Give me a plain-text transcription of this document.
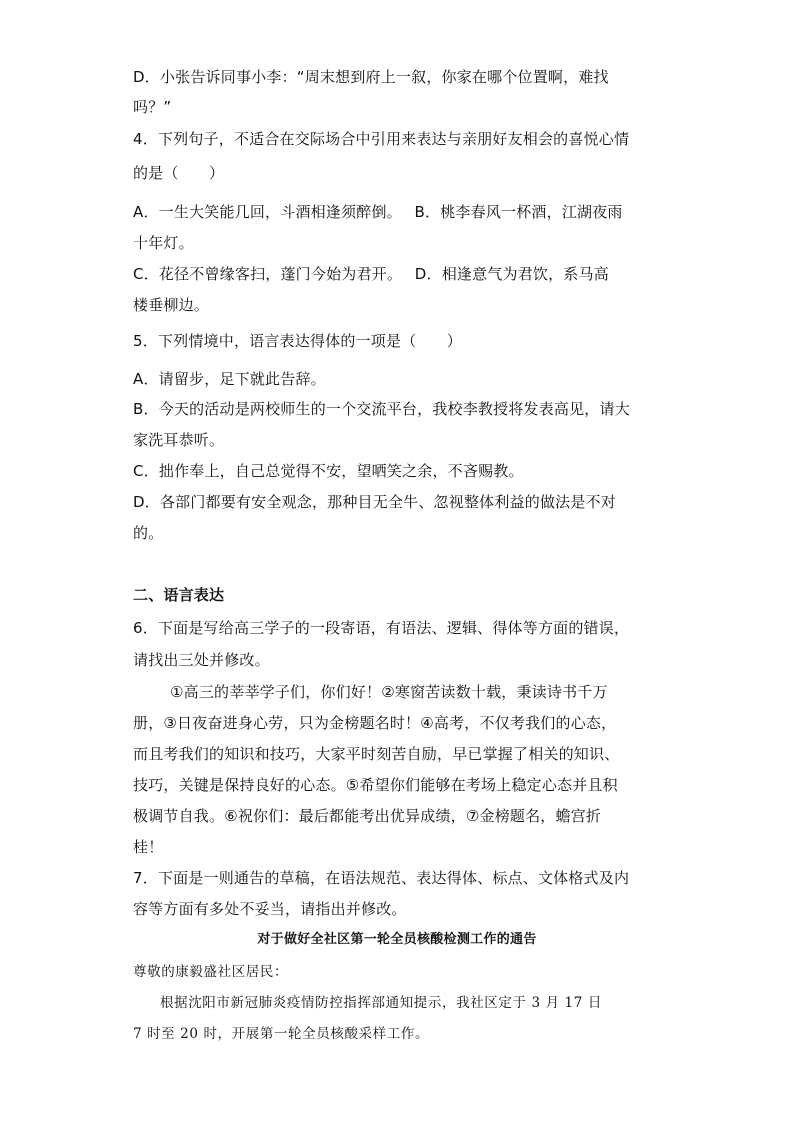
D．小张告诉同事小李：“周末想到府上一叙，你家在哪个位置啊，难找
吗？”
4．下列句子，不适合在交际场合中引用来表达与亲朋好友相会的喜悦心情
的是（　　）
A．一生大笑能几回，斗酒相逢须醉倒。　 B．桃李春风一杯酒，江湖夜雨
十年灯。
C．花径不曾缘客扫，蓬门今始为君开。　 D．相逢意气为君饮，系马高
楼垂柳边。
5．下列情境中，语言表达得体的一项是（　　）
A．请留步，足下就此告辞。
B．今天的活动是两校师生的一个交流平台，我校李教授将发表高见，请大
家洗耳恭听。
C．拙作奉上，自己总觉得不安，望哂笑之余，不吝赐教。
D．各部门都要有安全观念，那种目无全牛、忽视整体利益的做法是不对
的。
二、语言表达
6．下面是写给高三学子的一段寄语，有语法、逻辑、得体等方面的错误，
请找出三处并修改。
①高三的莘莘学子们，你们好！②寒窗苦读数十载，秉读诗书千万
册，③日夜奋进身心劳，只为金榜题名时！④高考，不仅考我们的心态，
而且考我们的知识和技巧，大家平时刻苦自励，早已掌握了相关的知识、
技巧，关键是保持良好的心态。⑤希望你们能够在考场上稳定心态并且积
极调节自我。⑥祝你们：最后都能考出优异成绩，⑦金榜题名，蟾宫折
桂！
7．下面是一则通告的草稿，在语法规范、表达得体、标点、文体格式及内
容等方面有多处不妥当，请指出并修改。
对于做好全社区第一轮全员核酸检测工作的通告
尊敬的康毅盛社区居民：
根据沈阳市新冠肺炎疫情防控指挥部通知提示，我社区定于 3 月 17 日
7 时至 20 时，开展第一轮全员核酸采样工作。
